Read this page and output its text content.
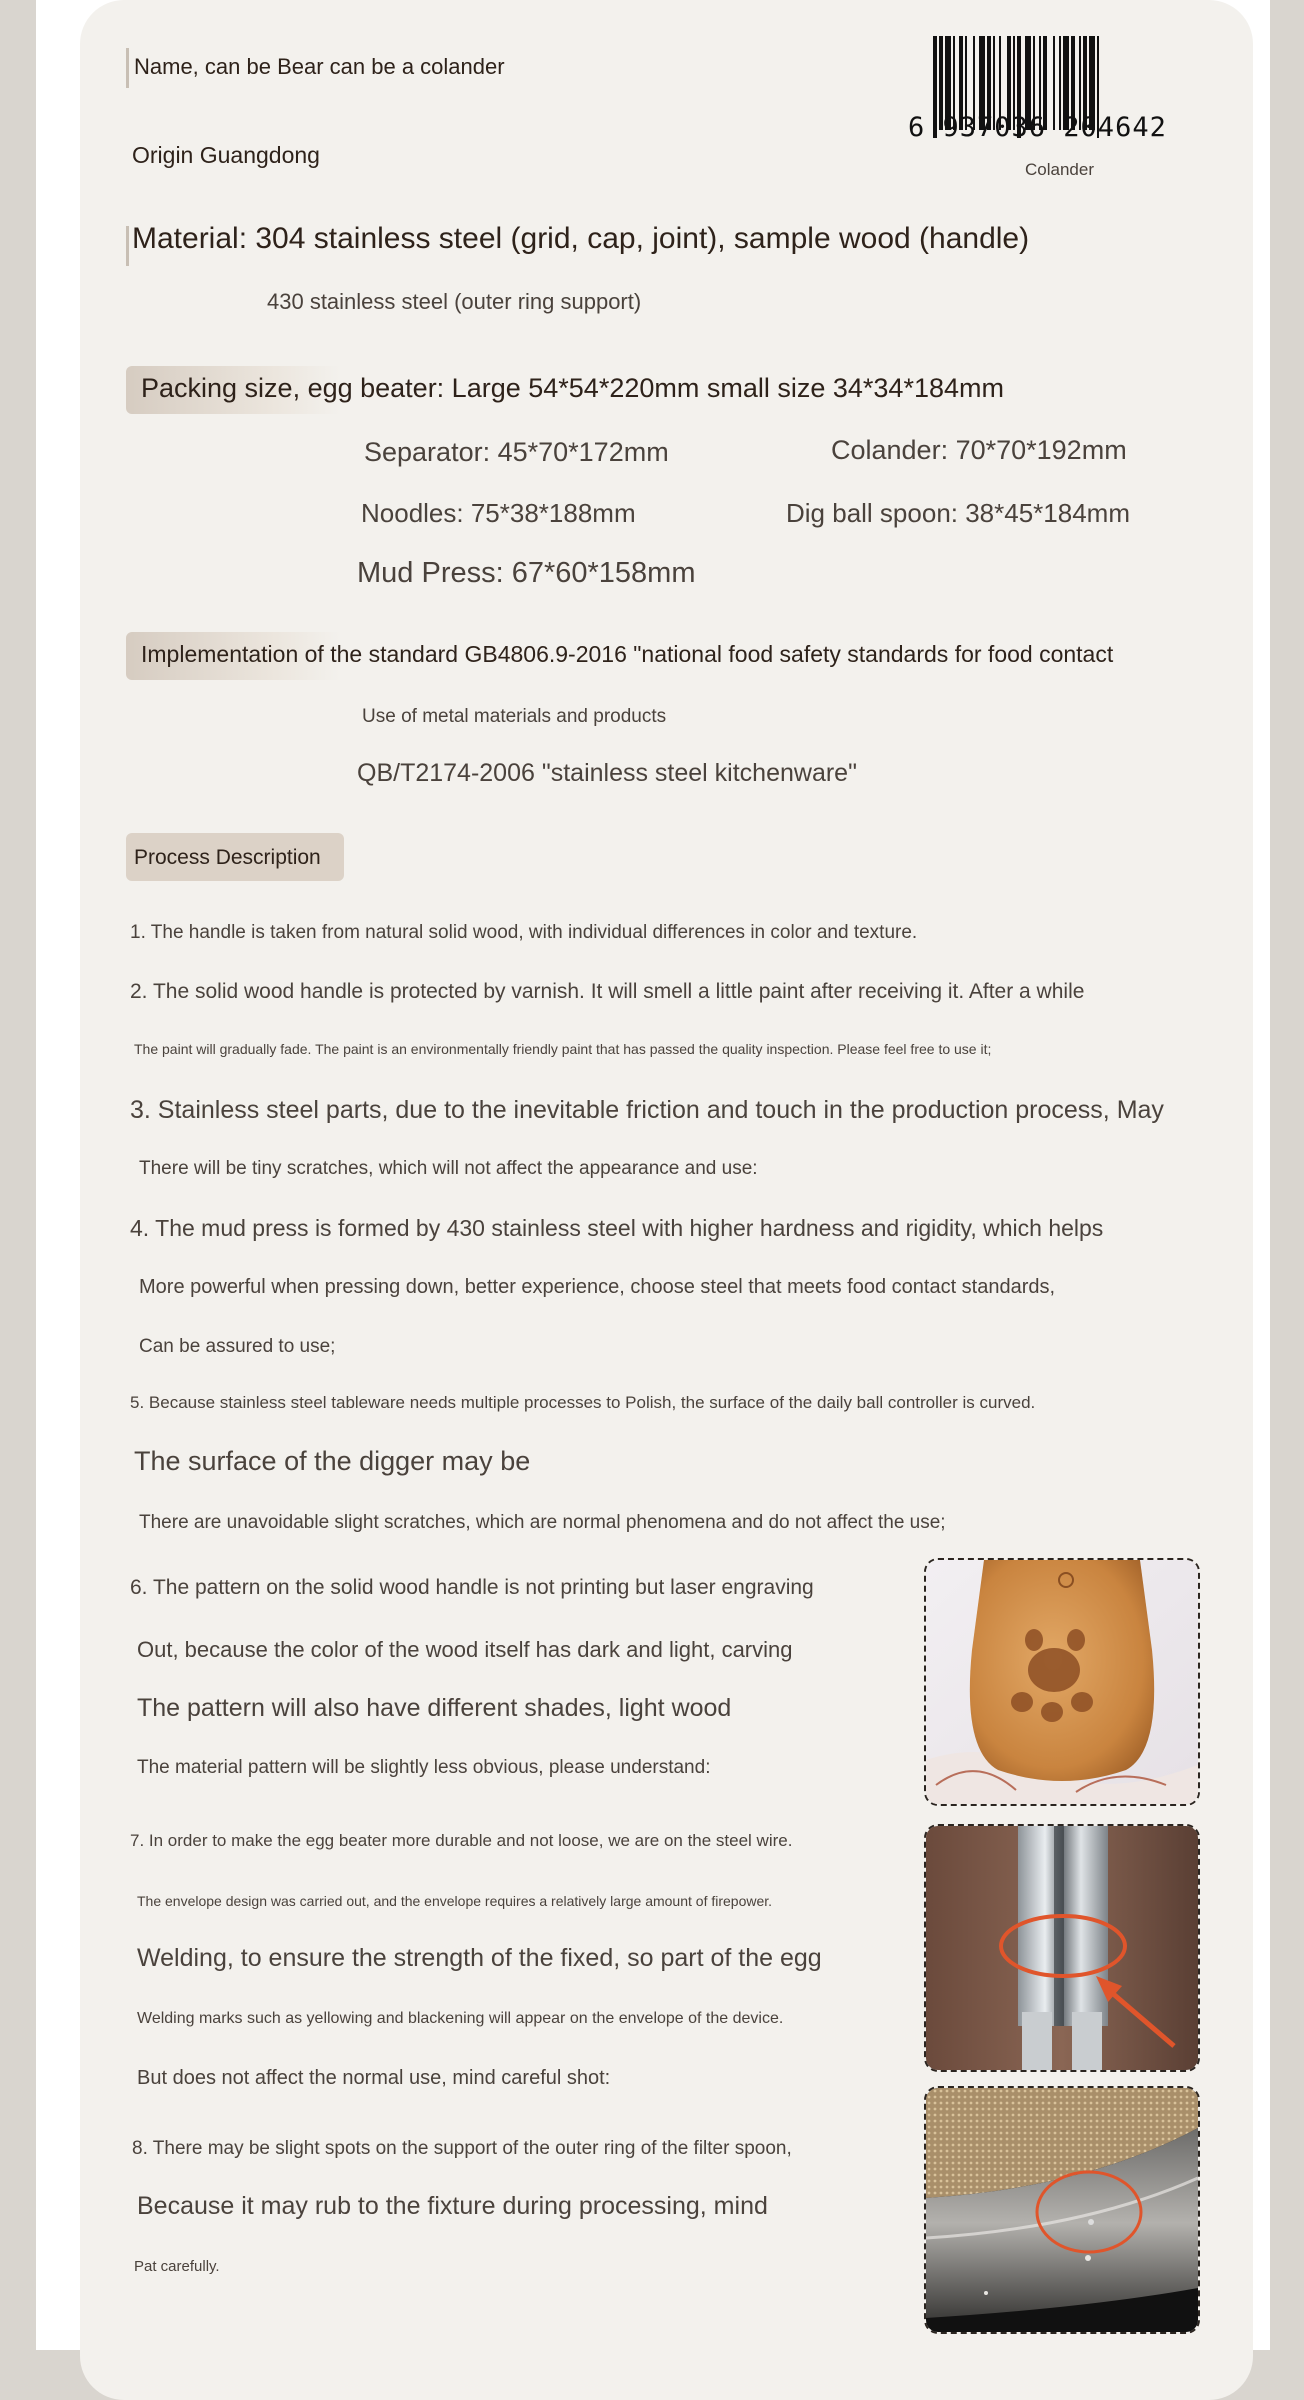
6 937036 204642
Colander
Name, can be Bear can be a colander
Origin Guangdong
Material: 304 stainless steel (grid, cap, joint), sample wood (handle)
430 stainless steel (outer ring support)
Packing size, egg beater: Large 54*54*220mm small size 34*34*184mm
Separator: 45*70*172mm	Colander: 70*70*192mm
Noodles: 75*38*188mm	Dig ball spoon: 38*45*184mm
Mud Press: 67*60*158mm
Implementation of the standard GB4806.9-2016 "national food safety standards for food contact
Use of metal materials and products
QB/T2174-2006 "stainless steel kitchenware"
Process Description
1. The handle is taken from natural solid wood, with individual differences in color and texture.
2. The solid wood handle is protected by varnish. It will smell a little paint after receiving it. After a while
The paint will gradually fade. The paint is an environmentally friendly paint that has passed the quality inspection. Please feel free to use it;
3. Stainless steel parts, due to the inevitable friction and touch in the production process, May
There will be tiny scratches, which will not affect the appearance and use:
4. The mud press is formed by 430 stainless steel with higher hardness and rigidity, which helps
More powerful when pressing down, better experience, choose steel that meets food contact standards,
Can be assured to use;
5. Because stainless steel tableware needs multiple processes to Polish, the surface of the daily ball controller is curved.
The surface of the digger may be
There are unavoidable slight scratches, which are normal phenomena and do not affect the use;
6. The pattern on the solid wood handle is not printing but laser engraving
Out, because the color of the wood itself has dark and light, carving
The pattern will also have different shades, light wood
The material pattern will be slightly less obvious, please understand:
7. In order to make the egg beater more durable and not loose, we are on the steel wire.
The envelope design was carried out, and the envelope requires a relatively large amount of firepower.
Welding, to ensure the strength of the fixed, so part of the egg
Welding marks such as yellowing and blackening will appear on the envelope of the device.
But does not affect the normal use, mind careful shot:
8. There may be slight spots on the support of the outer ring of the filter spoon,
Because it may rub to the fixture during processing, mind
Pat carefully.
